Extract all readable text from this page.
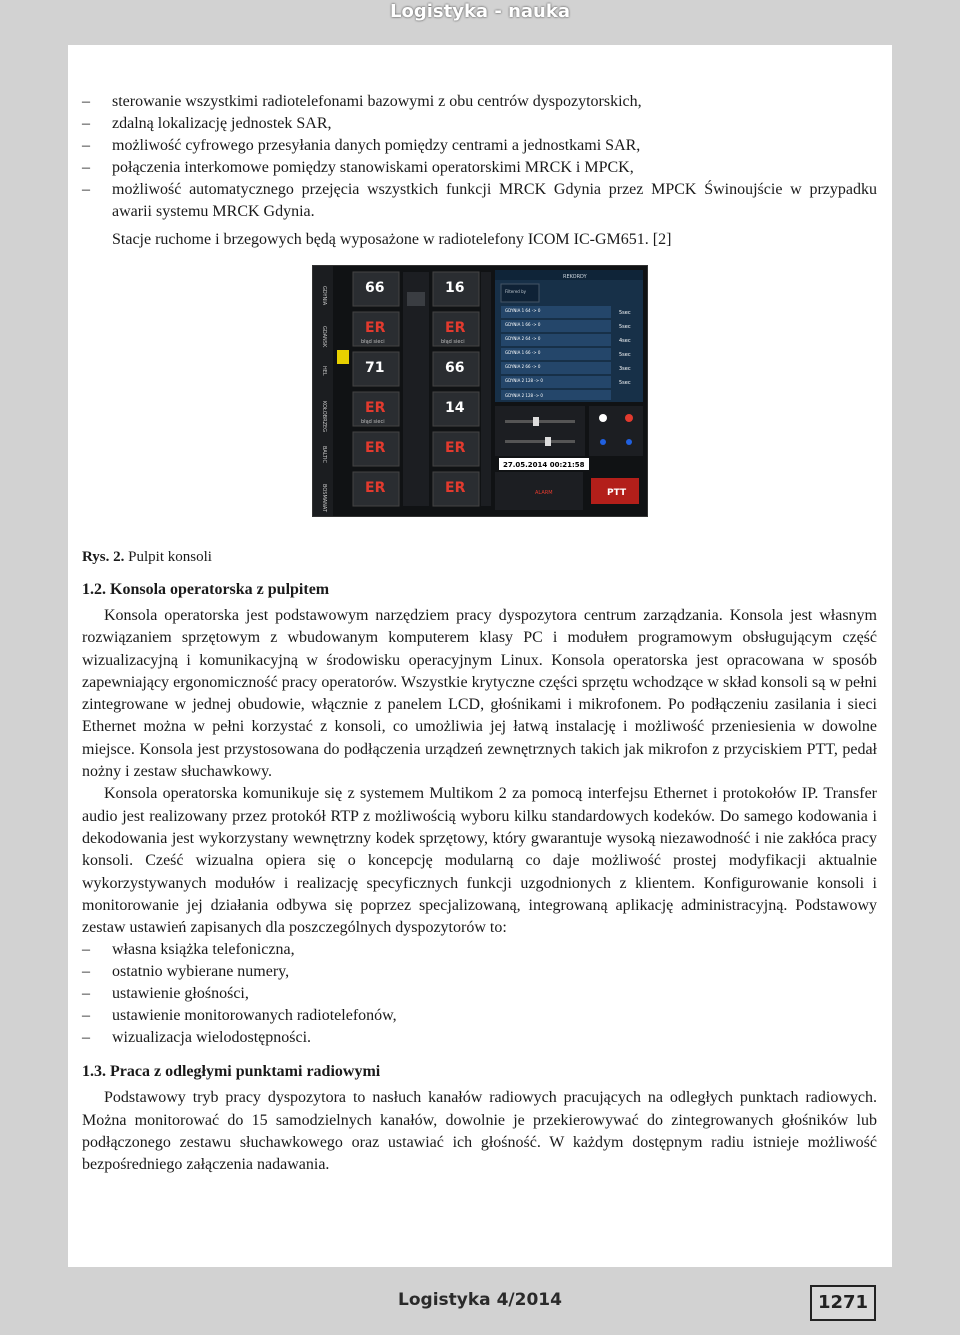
Logistyka - nauka
– sterowanie wszystkimi radiotelefonami bazowymi z obu centrów dyspozytorskich,
– zdalną lokalizację jednostek SAR,
– możliwość cyfrowego przesyłania danych pomiędzy centrami a jednostkami SAR,
– połączenia interkomowe pomiędzy stanowiskami operatorskimi MRCK i MPCK,
– możliwość automatycznego przejęcia wszystkich funkcji MRCK Gdynia przez MPCK Świnoujście w przypadku awarii systemu MRCK Gdynia.
Stacje ruchome i brzegowych będą wyposażone w radiotelefony ICOM IC-GM651. [2]
GDYNIA
GDANSK
HEL
KOŁOBRZEG
BALTIC
BOSMANAT
66
ER
błąd sieci
71
ER
błąd sieci
ER
ER
16
ER
błąd sieci
66
14
ER
ER
REKORDY
Filtered by
GDYNIA 1 64 -> 0	5sec
GDYNIA 1 66 -> 0	5sec
GDYNIA 2 64 -> 0	4sec
GDYNIA 1 66 -> 0	5sec
GDYNIA 2 66 -> 0	3sec
GDYNIA 2 128 -> 0	5sec
GDYNIA 2 128 -> 0
27.05.2014 00:21:58
ALARM	PTT
Rys. 2. Pulpit konsoli
1.2. Konsola operatorska z pulpitem

Konsola operatorska jest podstawowym narzędziem pracy dyspozytora centrum zarządzania. Konsola jest własnym rozwiązaniem sprzętowym z wbudowanym komputerem klasy PC i modułem programowym obsługującym część wizualizacyjną i komunikacyjną w środowisku operacyjnym Linux. Konsola operatorska jest opracowana w sposób zapewniający ergonomiczność pracy operatorów. Wszystkie krytyczne części sprzętu wchodzące w skład konsoli są w pełni zintegrowane w jednej obudowie, włącznie z panelem LCD, głośnikami i mikrofonem. Po podłączeniu zasilania i sieci Ethernet można w pełni korzystać z konsoli, co umożliwia jej łatwą instalację i możliwość przeniesienia w dowolne miejsce. Konsola jest przystosowana do podłączenia urządzeń zewnętrznych takich jak mikrofon z przyciskiem PTT, pedał nożny i zestaw słuchawkowy.

Konsola operatorska komunikuje się z systemem Multikom 2 za pomocą interfejsu Ethernet i protokołów IP. Transfer audio jest realizowany przez protokół RTP z możliwością wyboru kilku standardowych kodeków. Do samego kodowania i dekodowania jest wykorzystany wewnętrzny kodek sprzętowy, który gwarantuje wysoką niezawodność i nie zakłóca pracy konsoli. Cześć wizualna opiera się o koncepcję modularną co daje możliwość prostej modyfikacji aktualnie wykorzystywanych modułów i realizację specyficznych funkcji uzgodnionych z klientem. Konfigurowanie konsoli i monitorowanie jej działania odbywa się poprzez specjalizowaną, integrowaną aplikację administracyjną. Podstawowy zestaw ustawień zapisanych dla poszczególnych dyspozytorów to:

– własna książka telefoniczna,
– ostatnio wybierane numery,
– ustawienie głośności,
– ustawienie monitorowanych radiotelefonów,
– wizualizacja wielodostępności.
1.3. Praca z odległymi punktami radiowymi

Podstawowy tryb pracy dyspozytora to nasłuch kanałów radiowych pracujących na odległych punktach radiowych. Można monitorować do 15 samodzielnych kanałów, dowolnie je przekierowywać do zintegrowanych głośników lub podłączonego zestawu słuchawkowego oraz ustawiać ich głośność. W każdym dostępnym radiu istnieje możliwość bezpośredniego załączenia nadawania.

Logistyka 4/2014	1271
